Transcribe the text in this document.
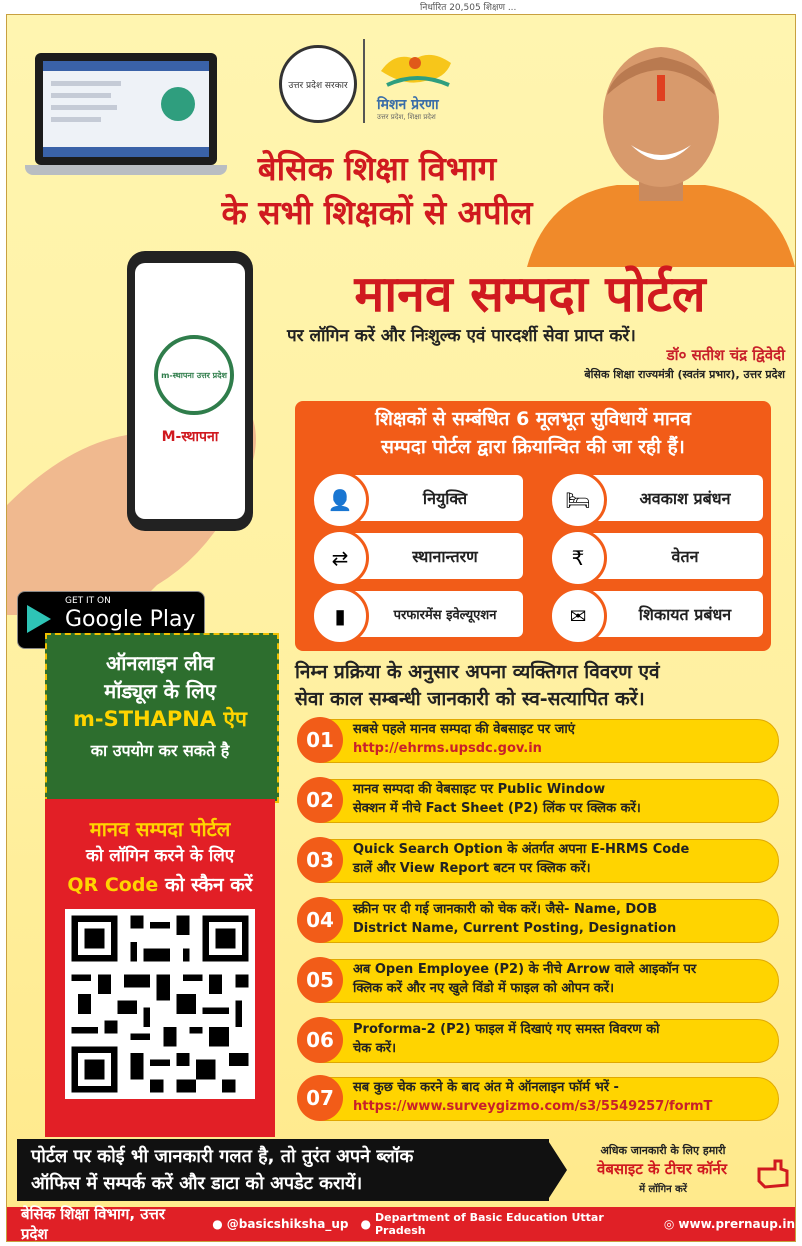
निर्धारित 20,505 शिक्षण ...
उत्तर प्रदेश सरकार
मिशन प्रेरणा
उत्तर प्रदेश, शिक्षा प्रदेश
बेसिक शिक्षा विभाग
के सभी शिक्षकों से अपील
m-स्थापना उत्तर प्रदेश
M-स्थापना
मानव सम्पदा पोर्टल
पर लॉगिन करें और निःशुल्क एवं पारदर्शी सेवा प्राप्त करें।
डॉ० सतीश चंद्र द्विवेदी
बेसिक शिक्षा राज्यमंत्री (स्वतंत्र प्रभार), उत्तर प्रदेश
शिक्षकों से सम्बंधित 6 मूलभूत सुविधायें मानव
सम्पदा पोर्टल द्वारा क्रियान्वित की जा रही हैं।
नियुक्ति
👤	अवकाश प्रबंधन
🛏
स्थानान्तरण
⇄	वेतन
₹
परफारमेंस इवेल्यूएशन
▮	शिकायत प्रबंधन
✉
GET IT ON
Google Play
ऑनलाइन लीव
मॉड्यूल के लिए
m-STHAPNA ऐप
का उपयोग कर सकते है
मानव सम्पदा पोर्टल
को लॉगिन करने के लिए
QR Code को स्कैन करें
निम्न प्रक्रिया के अनुसार अपना व्यक्तिगत विवरण एवं
सेवा काल सम्बन्धी जानकारी को स्व-सत्यापित करें।
01	सबसे पहले मानव सम्पदा की वेबसाइट पर जाएं
http://ehrms.upsdc.gov.in
02	मानव सम्पदा की वेबसाइट पर Public Window
सेक्शन में नीचे Fact Sheet (P2) लिंक पर क्लिक करें।
03	Quick Search Option के अंतर्गत अपना E-HRMS Code
डालें और View Report बटन पर क्लिक करें।
04	स्क्रीन पर दी गई जानकारी को चेक करें। जैसे- Name, DOB
District Name, Current Posting, Designation
05	अब Open Employee (P2) के नीचे Arrow वाले आइकॉन पर
क्लिक करें और नए खुले विंडो में फाइल को ओपन करें।
06	Proforma-2 (P2) फाइल में दिखाएं गए समस्त विवरण को
चेक करें।
07	सब कुछ चेक करने के बाद अंत मे ऑनलाइन फॉर्म भरें -
https://www.surveygizmo.com/s3/5549257/formT
पोर्टल पर कोई भी जानकारी गलत है, तो तुरंत अपने ब्लॉक
ऑफिस में सम्पर्क करें और डाटा को अपडेट करायें।
अधिक जानकारी के लिए हमारी
वेबसाइट के टीचर कॉर्नर
में लॉगिन करें
बेसिक शिक्षा विभाग, उत्तर प्रदेश
● @basicshiksha_up ● Department of Basic Education Uttar Pradesh	◎ www.prernaup.in
